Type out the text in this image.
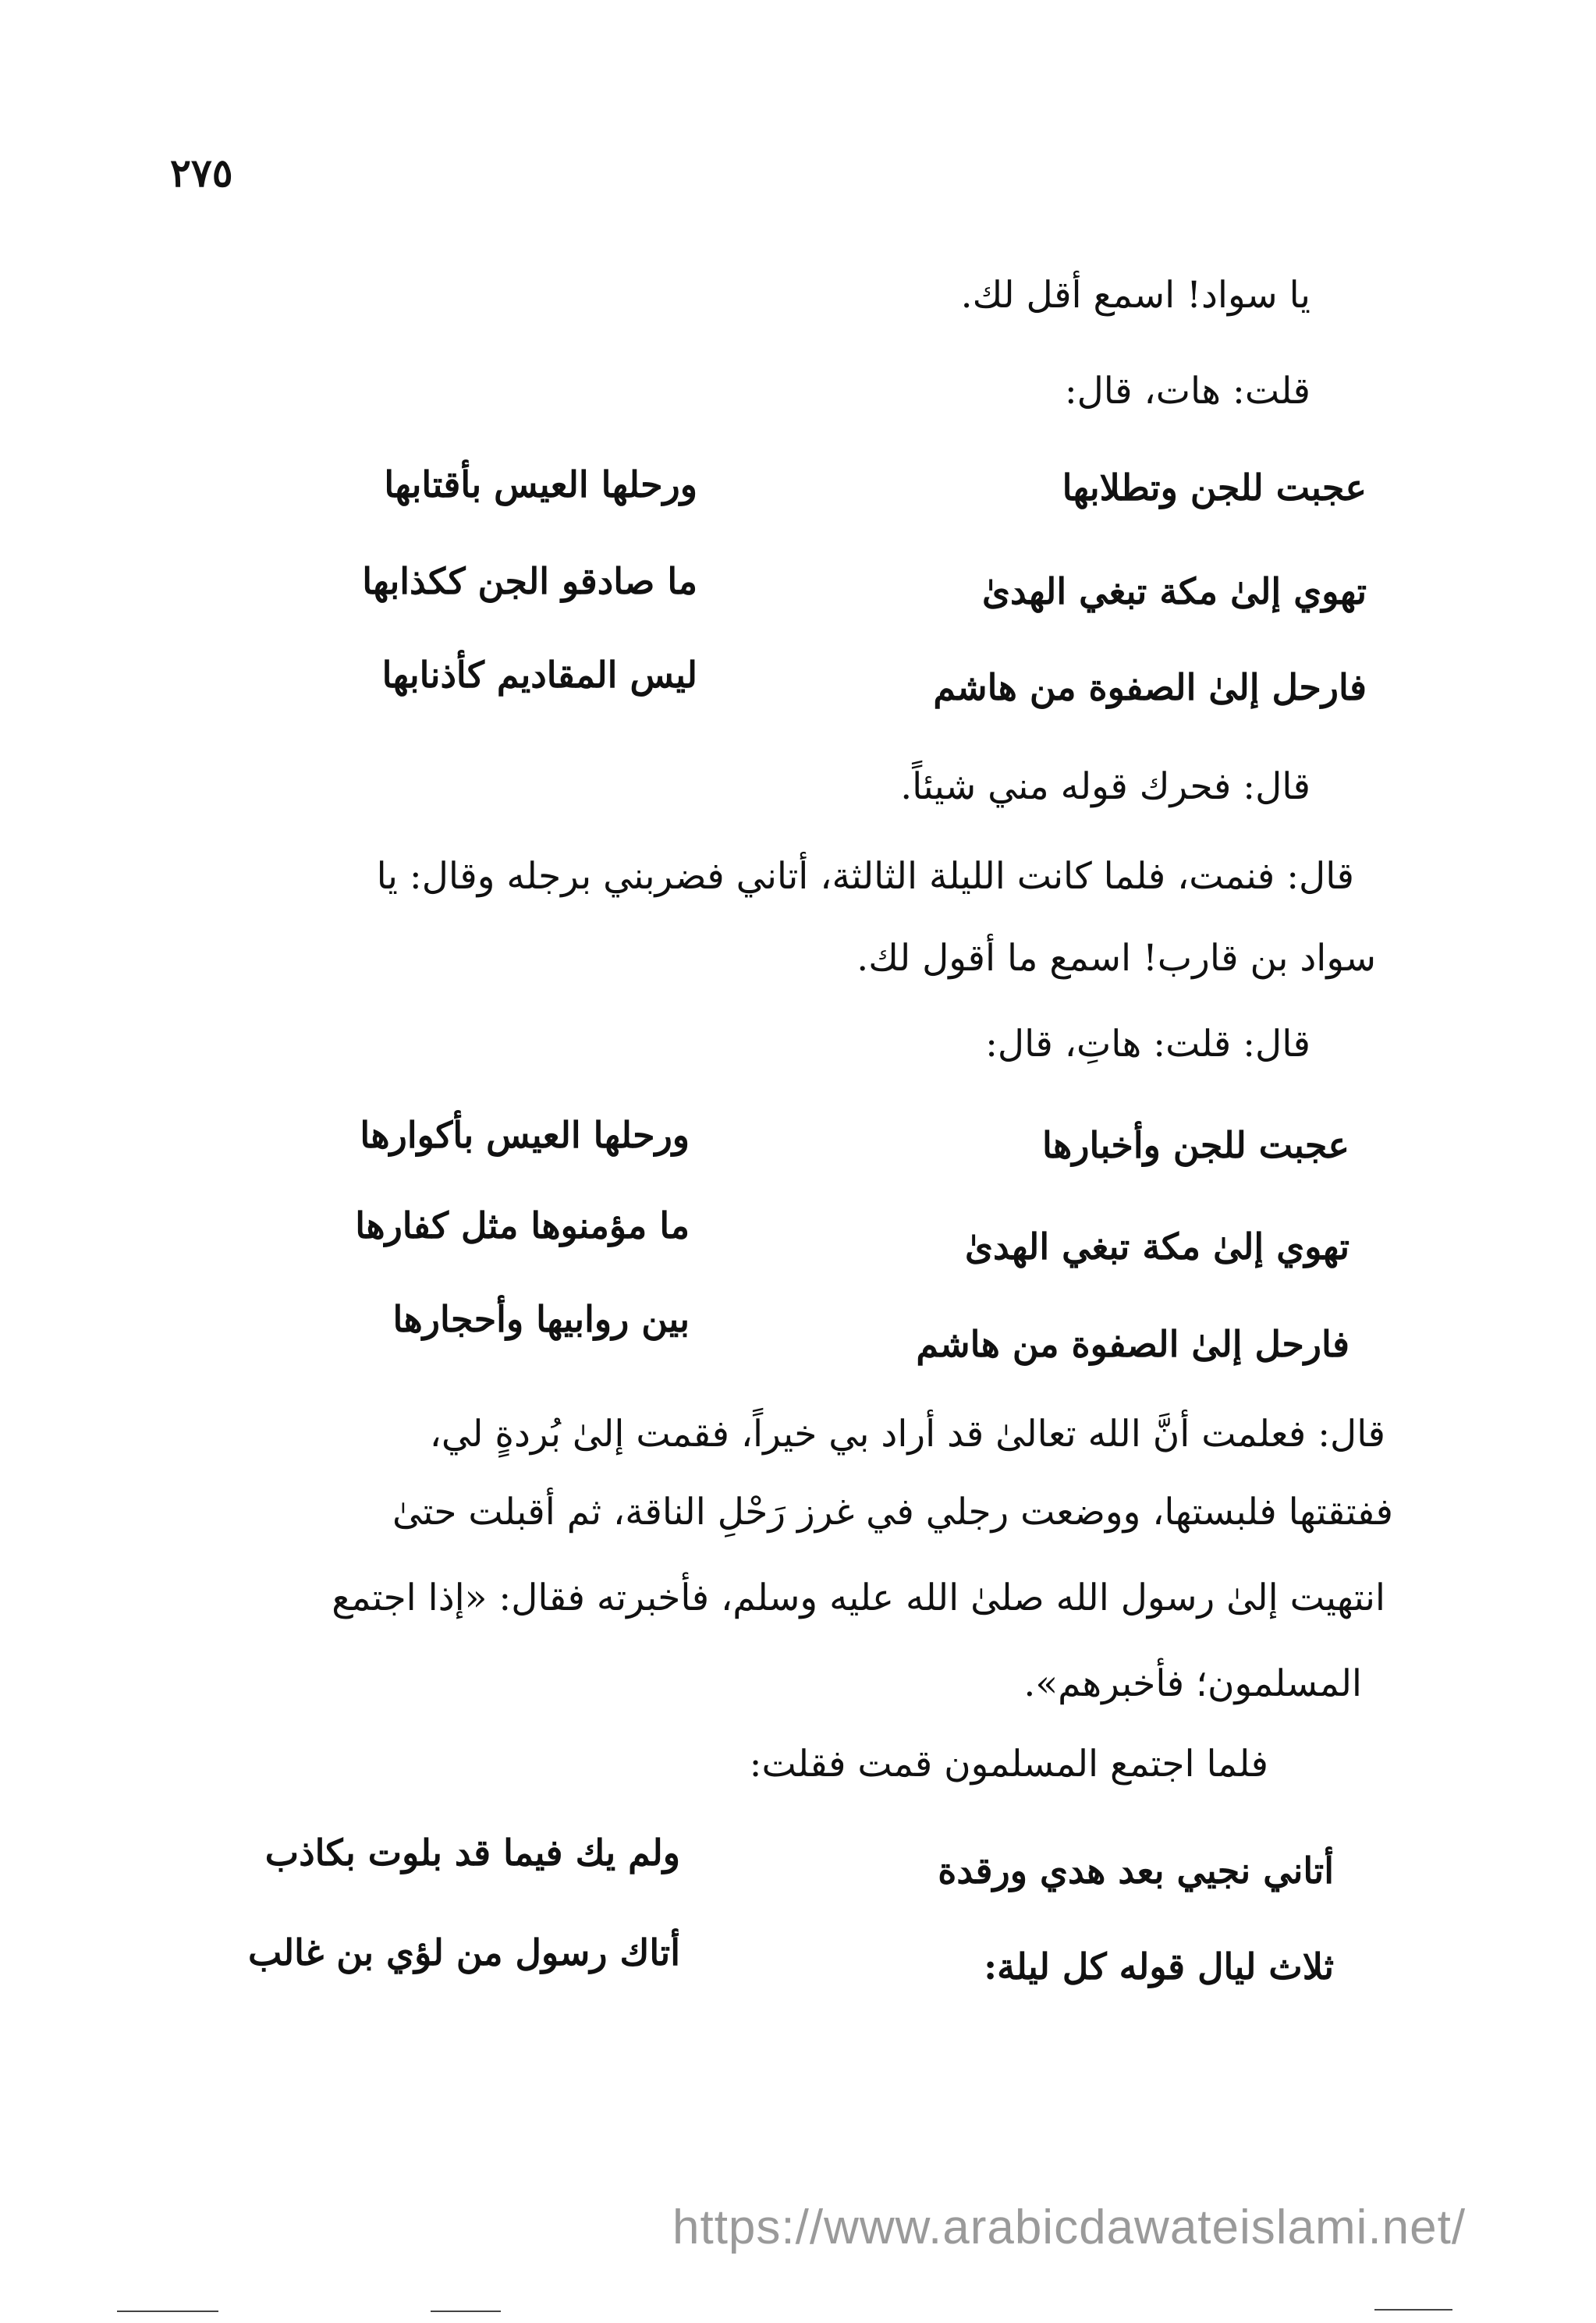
٢٧٥
يا سواد! اسمع أقل لك.
قلت: هات، قال:
عجبت للجن وتطلابها
ورحلها العيس بأقتابها
تهوي إلىٰ مكة تبغي الهدىٰ
ما صادقو الجن ككذابها
فارحل إلىٰ الصفوة من هاشم
ليس المقاديم كأذنابها
قال: فحرك قوله مني شيئاً.
قال: فنمت، فلما كانت الليلة الثالثة، أتاني فضربني برجله وقال: يا
سواد بن قارب! اسمع ما أقول لك.
قال: قلت: هاتِ، قال:
عجبت للجن وأخبارها
ورحلها العيس بأكوارها
تهوي إلىٰ مكة تبغي الهدىٰ
ما مؤمنوها مثل كفارها
فارحل إلىٰ الصفوة من هاشم
بين روابيها وأحجارها
قال: فعلمت أنَّ الله تعالىٰ قد أراد بي خيراً، فقمت إلىٰ بُردةٍ لي،
ففتقتها فلبستها، ووضعت رجلي في غرز رَحْلِ الناقة، ثم أقبلت حتىٰ
انتهيت إلىٰ رسول الله صلىٰ الله عليه وسلم، فأخبرته فقال: «إذا اجتمع
المسلمون؛ فأخبرهم».
فلما اجتمع المسلمون قمت فقلت:
أتاني نجيي بعد هدي ورقدة
ولم يك فيما قد بلوت بكاذب
ثلاث ليال قوله كل ليلة:
أتاك رسول من لؤي بن غالب
https://www.arabicdawateislami.net/
